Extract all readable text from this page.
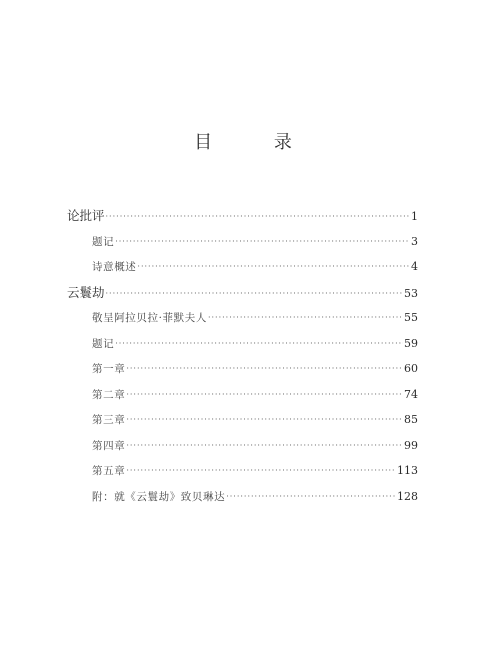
目 录
论批评 ·····	1
题记 ·····	3
诗意概述 ·····	4
云鬟劫 ·····	53
敬呈阿拉贝拉·菲默夫人 ·····	55
题记 ·····	59
第一章 ·····	60
第二章 ·····	74
第三章 ·····	85
第四章 ·····	99
第五章 ·····	113
附：就《云鬟劫》致贝琳达 ·····	128
